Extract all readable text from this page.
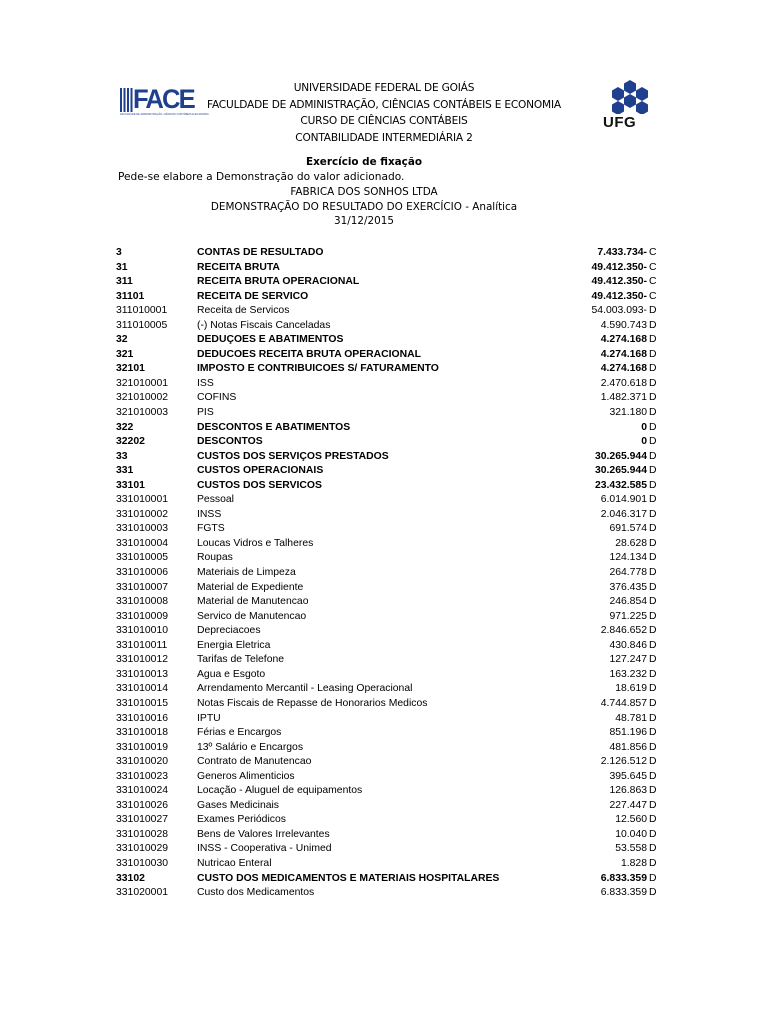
FACE
FACULDADE DE ADMINISTRAÇÃO, CIÊNCIAS CONTÁBEIS E ECONOMIA	UFG
UNIVERSIDADE FEDERAL DE GOIÁS
FACULDADE DE ADMINISTRAÇÃO, CIÊNCIAS CONTÁBEIS E ECONOMIA
CURSO DE CIÊNCIAS CONTÁBEIS
CONTABILIDADE INTERMEDIÁRIA 2
Exercício de fixação
Pede-se elabore a Demonstração do valor adicionado.
FABRICA DOS SONHOS LTDA
DEMONSTRAÇÃO DO RESULTADO DO EXERCÍCIO - Analítica
31/12/2015
3	CONTAS DE RESULTADO	7.433.734- C
31	RECEITA BRUTA	49.412.350- C
311	RECEITA BRUTA OPERACIONAL	49.412.350- C
31101	RECEITA DE SERVICO	49.412.350- C
311010001	Receita de Servicos	54.003.093- D
311010005	(-) Notas Fiscais Canceladas	4.590.743 D
32	DEDUÇOES E ABATIMENTOS	4.274.168 D
321	DEDUCOES RECEITA BRUTA OPERACIONAL	4.274.168 D
32101	IMPOSTO E CONTRIBUICOES S/ FATURAMENTO	4.274.168 D
321010001	ISS	2.470.618 D
321010002	COFINS	1.482.371 D
321010003	PIS	321.180 D
322	DESCONTOS E ABATIMENTOS	0 D
32202	DESCONTOS	0 D
33	CUSTOS DOS SERVIÇOS PRESTADOS	30.265.944 D
331	CUSTOS OPERACIONAIS	30.265.944 D
33101	CUSTOS DOS SERVICOS	23.432.585 D
331010001	Pessoal	6.014.901 D
331010002	INSS	2.046.317 D
331010003	FGTS	691.574 D
331010004	Loucas Vidros e Talheres	28.628 D
331010005	Roupas	124.134 D
331010006	Materiais de Limpeza	264.778 D
331010007	Material de Expediente	376.435 D
331010008	Material de Manutencao	246.854 D
331010009	Servico de Manutencao	971.225 D
331010010	Depreciacoes	2.846.652 D
331010011	Energia Eletrica	430.846 D
331010012	Tarifas de Telefone	127.247 D
331010013	Agua e Esgoto	163.232 D
331010014	Arrendamento Mercantil - Leasing Operacional	18.619 D
331010015	Notas Fiscais de Repasse de Honorarios Medicos	4.744.857 D
331010016	IPTU	48.781 D
331010018	Férias e Encargos	851.196 D
331010019	13º Salário e Encargos	481.856 D
331010020	Contrato de Manutencao	2.126.512 D
331010023	Generos Alimenticios	395.645 D
331010024	Locação - Aluguel de equipamentos	126.863 D
331010026	Gases Medicinais	227.447 D
331010027	Exames Periódicos	12.560 D
331010028	Bens de Valores Irrelevantes	10.040 D
331010029	INSS - Cooperativa - Unimed	53.558 D
331010030	Nutricao Enteral	1.828 D
33102	CUSTO DOS MEDICAMENTOS E MATERIAIS HOSPITALARES	6.833.359 D
331020001	Custo dos Medicamentos	6.833.359 D
